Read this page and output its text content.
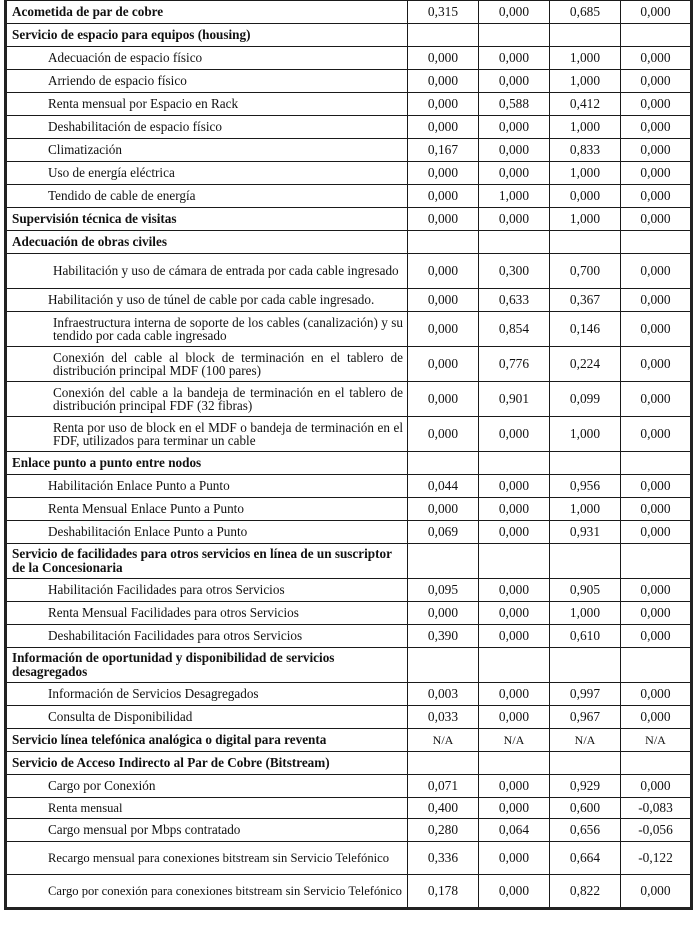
Acometida de par de cobre	0,315	0,000	0,685	0,000
Servicio de espacio para equipos (housing)				
Adecuación de espacio físico	0,000	0,000	1,000	0,000
Arriendo de espacio físico	0,000	0,000	1,000	0,000
Renta mensual por Espacio en Rack	0,000	0,588	0,412	0,000
Deshabilitación de espacio físico	0,000	0,000	1,000	0,000
Climatización	0,167	0,000	0,833	0,000
Uso de energía eléctrica	0,000	0,000	1,000	0,000
Tendido de cable de energía	0,000	1,000	0,000	0,000
Supervisión técnica de visitas	0,000	0,000	1,000	0,000
Adecuación de obras civiles				
Habilitación y uso de cámara de entrada por cada cable ingresado	0,000	0,300	0,700	0,000
Habilitación y uso de túnel de cable por cada cable ingresado.	0,000	0,633	0,367	0,000
Infraestructura interna de soporte de los cables (canalización) y su tendido por cada cable ingresado	0,000	0,854	0,146	0,000
Conexión del cable al block de terminación en el tablero de distribución principal MDF (100 pares)	0,000	0,776	0,224	0,000
Conexión del cable a la bandeja de terminación en el tablero de distribución principal FDF (32 fibras)	0,000	0,901	0,099	0,000
Renta por uso de block en el MDF o bandeja de terminación en el FDF, utilizados para terminar un cable	0,000	0,000	1,000	0,000
Enlace punto a punto entre nodos				
Habilitación Enlace Punto a Punto	0,044	0,000	0,956	0,000
Renta Mensual Enlace Punto a Punto	0,000	0,000	1,000	0,000
Deshabilitación Enlace Punto a Punto	0,069	0,000	0,931	0,000
Servicio de facilidades para otros servicios en línea de un suscriptor de la Concesionaria				
Habilitación Facilidades para otros Servicios	0,095	0,000	0,905	0,000
Renta Mensual Facilidades para otros Servicios	0,000	0,000	1,000	0,000
Deshabilitación Facilidades para otros Servicios	0,390	0,000	0,610	0,000
Información de oportunidad y disponibilidad de servicios desagregados				
Información de Servicios Desagregados	0,003	0,000	0,997	0,000
Consulta de Disponibilidad	0,033	0,000	0,967	0,000
Servicio línea telefónica analógica o digital para reventa	N/A	N/A	N/A	N/A
Servicio de Acceso Indirecto al Par de Cobre (Bitstream)				
Cargo por Conexión	0,071	0,000	0,929	0,000
Renta mensual	0,400	0,000	0,600	-0,083
Cargo mensual por Mbps contratado	0,280	0,064	0,656	-0,056
Recargo mensual para conexiones bitstream sin Servicio Telefónico	0,336	0,000	0,664	-0,122
Cargo por conexión para conexiones bitstream sin Servicio Telefónico	0,178	0,000	0,822	0,000
